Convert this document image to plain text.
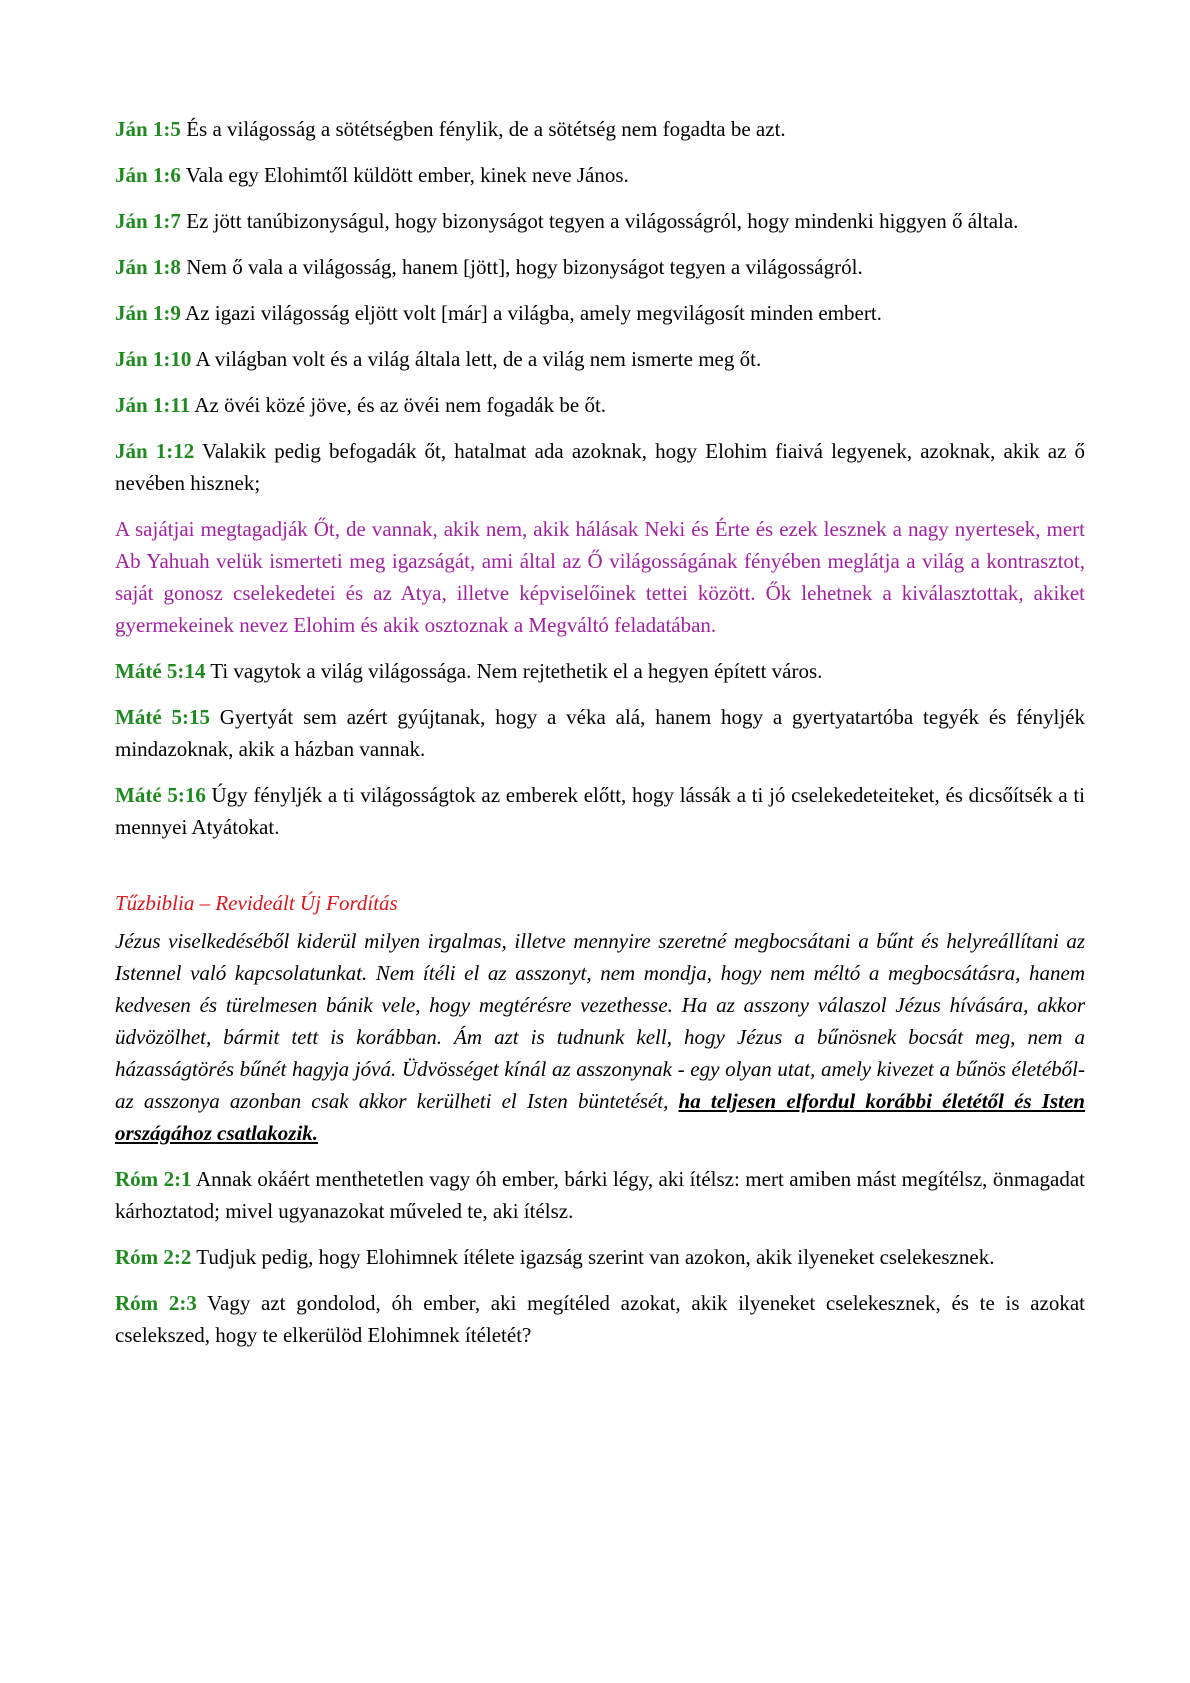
Ján 1:5 És a világosság a sötétségben fénylik, de a sötétség nem fogadta be azt.

Ján 1:6 Vala egy Elohimtől küldött ember, kinek neve János.

Ján 1:7 Ez jött tanúbizonyságul, hogy bizonyságot tegyen a világosságról, hogy mindenki higgyen ő általa.

Ján 1:8 Nem ő vala a világosság, hanem [jött], hogy bizonyságot tegyen a világosságról.

Ján 1:9 Az igazi világosság eljött volt [már] a világba, amely megvilágosít minden embert.

Ján 1:10 A világban volt és a világ általa lett, de a világ nem ismerte meg őt.

Ján 1:11 Az övéi közé jöve, és az övéi nem fogadák be őt.

Ján 1:12 Valakik pedig befogadák őt, hatalmat ada azoknak, hogy Elohim fiaivá legyenek, azoknak, akik az ő nevében hisznek;

A sajátjai megtagadják Őt, de vannak, akik nem, akik hálásak Neki és Érte és ezek lesznek a nagy nyertesek, mert Ab Yahuah velük ismerteti meg igazságát, ami által az Ő világosságának fényében meglátja a világ a kontrasztot, saját gonosz cselekedetei és az Atya, illetve képviselőinek tettei között. Ők lehetnek a kiválasztottak, akiket gyermekeinek nevez Elohim és akik osztoznak a Megváltó feladatában.

Máté 5:14 Ti vagytok a világ világossága. Nem rejtethetik el a hegyen épített város.

Máté 5:15 Gyertyát sem azért gyújtanak, hogy a véka alá, hanem hogy a gyertyatartóba tegyék és fényljék mindazoknak, akik a házban vannak.

Máté 5:16 Úgy fényljék a ti világosságtok az emberek előtt, hogy lássák a ti jó cselekedeteiteket, és dicsőítsék a ti mennyei Atyátokat.

Tűzbiblia – Revideált Új Fordítás

Jézus viselkedéséből kiderül milyen irgalmas, illetve mennyire szeretné megbocsátani a bűnt és helyreállítani az Istennel való kapcsolatunkat. Nem ítéli el az asszonyt, nem mondja, hogy nem méltó a megbocsátásra, hanem kedvesen és türelmesen bánik vele, hogy megtérésre vezethesse. Ha az asszony válaszol Jézus hívására, akkor üdvözölhet, bármit tett is korábban. Ám azt is tudnunk kell, hogy Jézus a bűnösnek bocsát meg, nem a házasságtörés bűnét hagyja jóvá. Üdvösséget kínál az asszonynak - egy olyan utat, amely kivezet a bűnös életéből- az asszonya azonban csak akkor kerülheti el Isten büntetését, ha teljesen elfordul korábbi életétől és Isten országához csatlakozik.

Róm 2:1 Annak okáért menthetetlen vagy óh ember, bárki légy, aki ítélsz: mert amiben mást megítélsz, önmagadat kárhoztatod; mivel ugyanazokat műveled te, aki ítélsz.

Róm 2:2 Tudjuk pedig, hogy Elohimnek ítélete igazság szerint van azokon, akik ilyeneket cselekesznek.

Róm 2:3 Vagy azt gondolod, óh ember, aki megítéled azokat, akik ilyeneket cselekesznek, és te is azokat cselekszed, hogy te elkerülöd Elohimnek ítéletét?
